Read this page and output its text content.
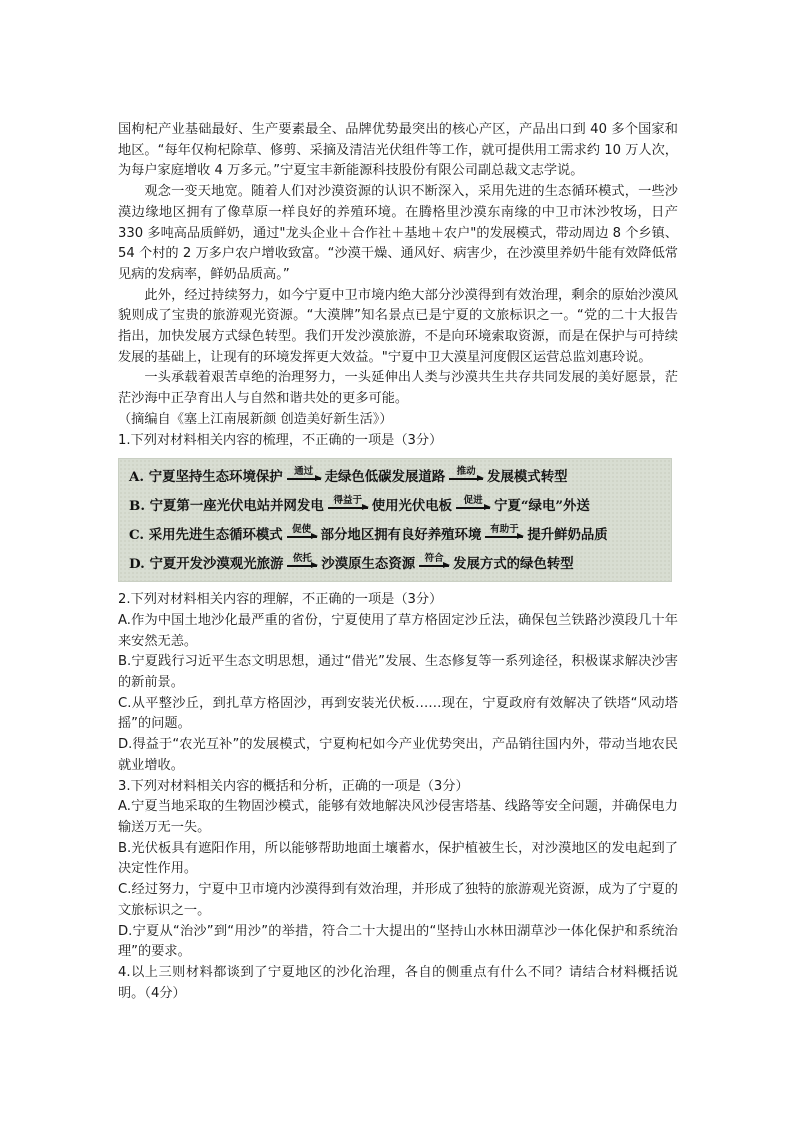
国枸杞产业基础最好、生产要素最全、品牌优势最突出的核心产区，产品出口到 40 多个国家和地区。“每年仅枸杞除草、修剪、采摘及清洁光伏组件等工作，就可提供用工需求约 10 万人次，为每户家庭增收 4 万多元。”宁夏宝丰新能源科技股份有限公司副总裁文志学说。

观念一变天地宽。随着人们对沙漠资源的认识不断深入，采用先进的生态循环模式，一些沙漠边缘地区拥有了像草原一样良好的养殖环境。在腾格里沙漠东南缘的中卫市沐沙牧场，日产 330 多吨高品质鲜奶，通过"龙头企业＋合作社＋基地＋农户"的发展模式，带动周边 8 个乡镇、54 个村的 2 万多户农户增收致富。“沙漠干燥、通风好、病害少，在沙漠里养奶牛能有效降低常见病的发病率，鲜奶品质高。”

此外，经过持续努力，如今宁夏中卫市境内绝大部分沙漠得到有效治理，剩余的原始沙漠风貌则成了宝贵的旅游观光资源。“大漠牌”知名景点已是宁夏的文旅标识之一。“党的二十大报告指出，加快发展方式绿色转型。我们开发沙漠旅游，不是向环境索取资源，而是在保护与可持续发展的基础上，让现有的环境发挥更大效益。"宁夏中卫大漠星河度假区运营总监刘惠玲说。

一头承载着艰苦卓绝的治理努力，一头延伸出人类与沙漠共生共存共同发展的美好愿景，茫茫沙海中正孕育出人与自然和谐共处的更多可能。

（摘编自《塞上江南展新颜 创造美好新生活》）

1.下列对材料相关内容的梳理，不正确的一项是（3分）

A. 宁夏坚持生态环境保护 通过 走绿色低碳发展道路 推动 发展模式转型
B. 宁夏第一座光伏电站并网发电 得益于 使用光伏电板 促进 宁夏“绿电”外送
C. 采用先进生态循环模式 促使 部分地区拥有良好养殖环境 有助于 提升鲜奶品质
D. 宁夏开发沙漠观光旅游 依托 沙漠原生态资源 符合 发展方式的绿色转型

2.下列对材料相关内容的理解，不正确的一项是（3分）

A.作为中国土地沙化最严重的省份，宁夏使用了草方格固定沙丘法，确保包兰铁路沙漠段几十年来安然无恙。

B.宁夏践行习近平生态文明思想，通过“借光”发展、生态修复等一系列途径，积极谋求解决沙害的新前景。

C.从平整沙丘，到扎草方格固沙，再到安装光伏板……现在，宁夏政府有效解决了铁塔“风动塔摇”的问题。

D.得益于“农光互补”的发展模式，宁夏枸杞如今产业优势突出，产品销往国内外，带动当地农民就业增收。

3.下列对材料相关内容的概括和分析，正确的一项是（3分）

A.宁夏当地采取的生物固沙模式，能够有效地解决风沙侵害塔基、线路等安全问题，并确保电力输送万无一失。

B.光伏板具有遮阳作用，所以能够帮助地面土壤蓄水，保护植被生长，对沙漠地区的发电起到了决定性作用。

C.经过努力，宁夏中卫市境内沙漠得到有效治理，并形成了独特的旅游观光资源，成为了宁夏的文旅标识之一。

D.宁夏从“治沙”到“用沙”的举措，符合二十大提出的“坚持山水林田湖草沙一体化保护和系统治理”的要求。

4.以上三则材料都谈到了宁夏地区的沙化治理，各自的侧重点有什么不同？请结合材料概括说明。（4分）
